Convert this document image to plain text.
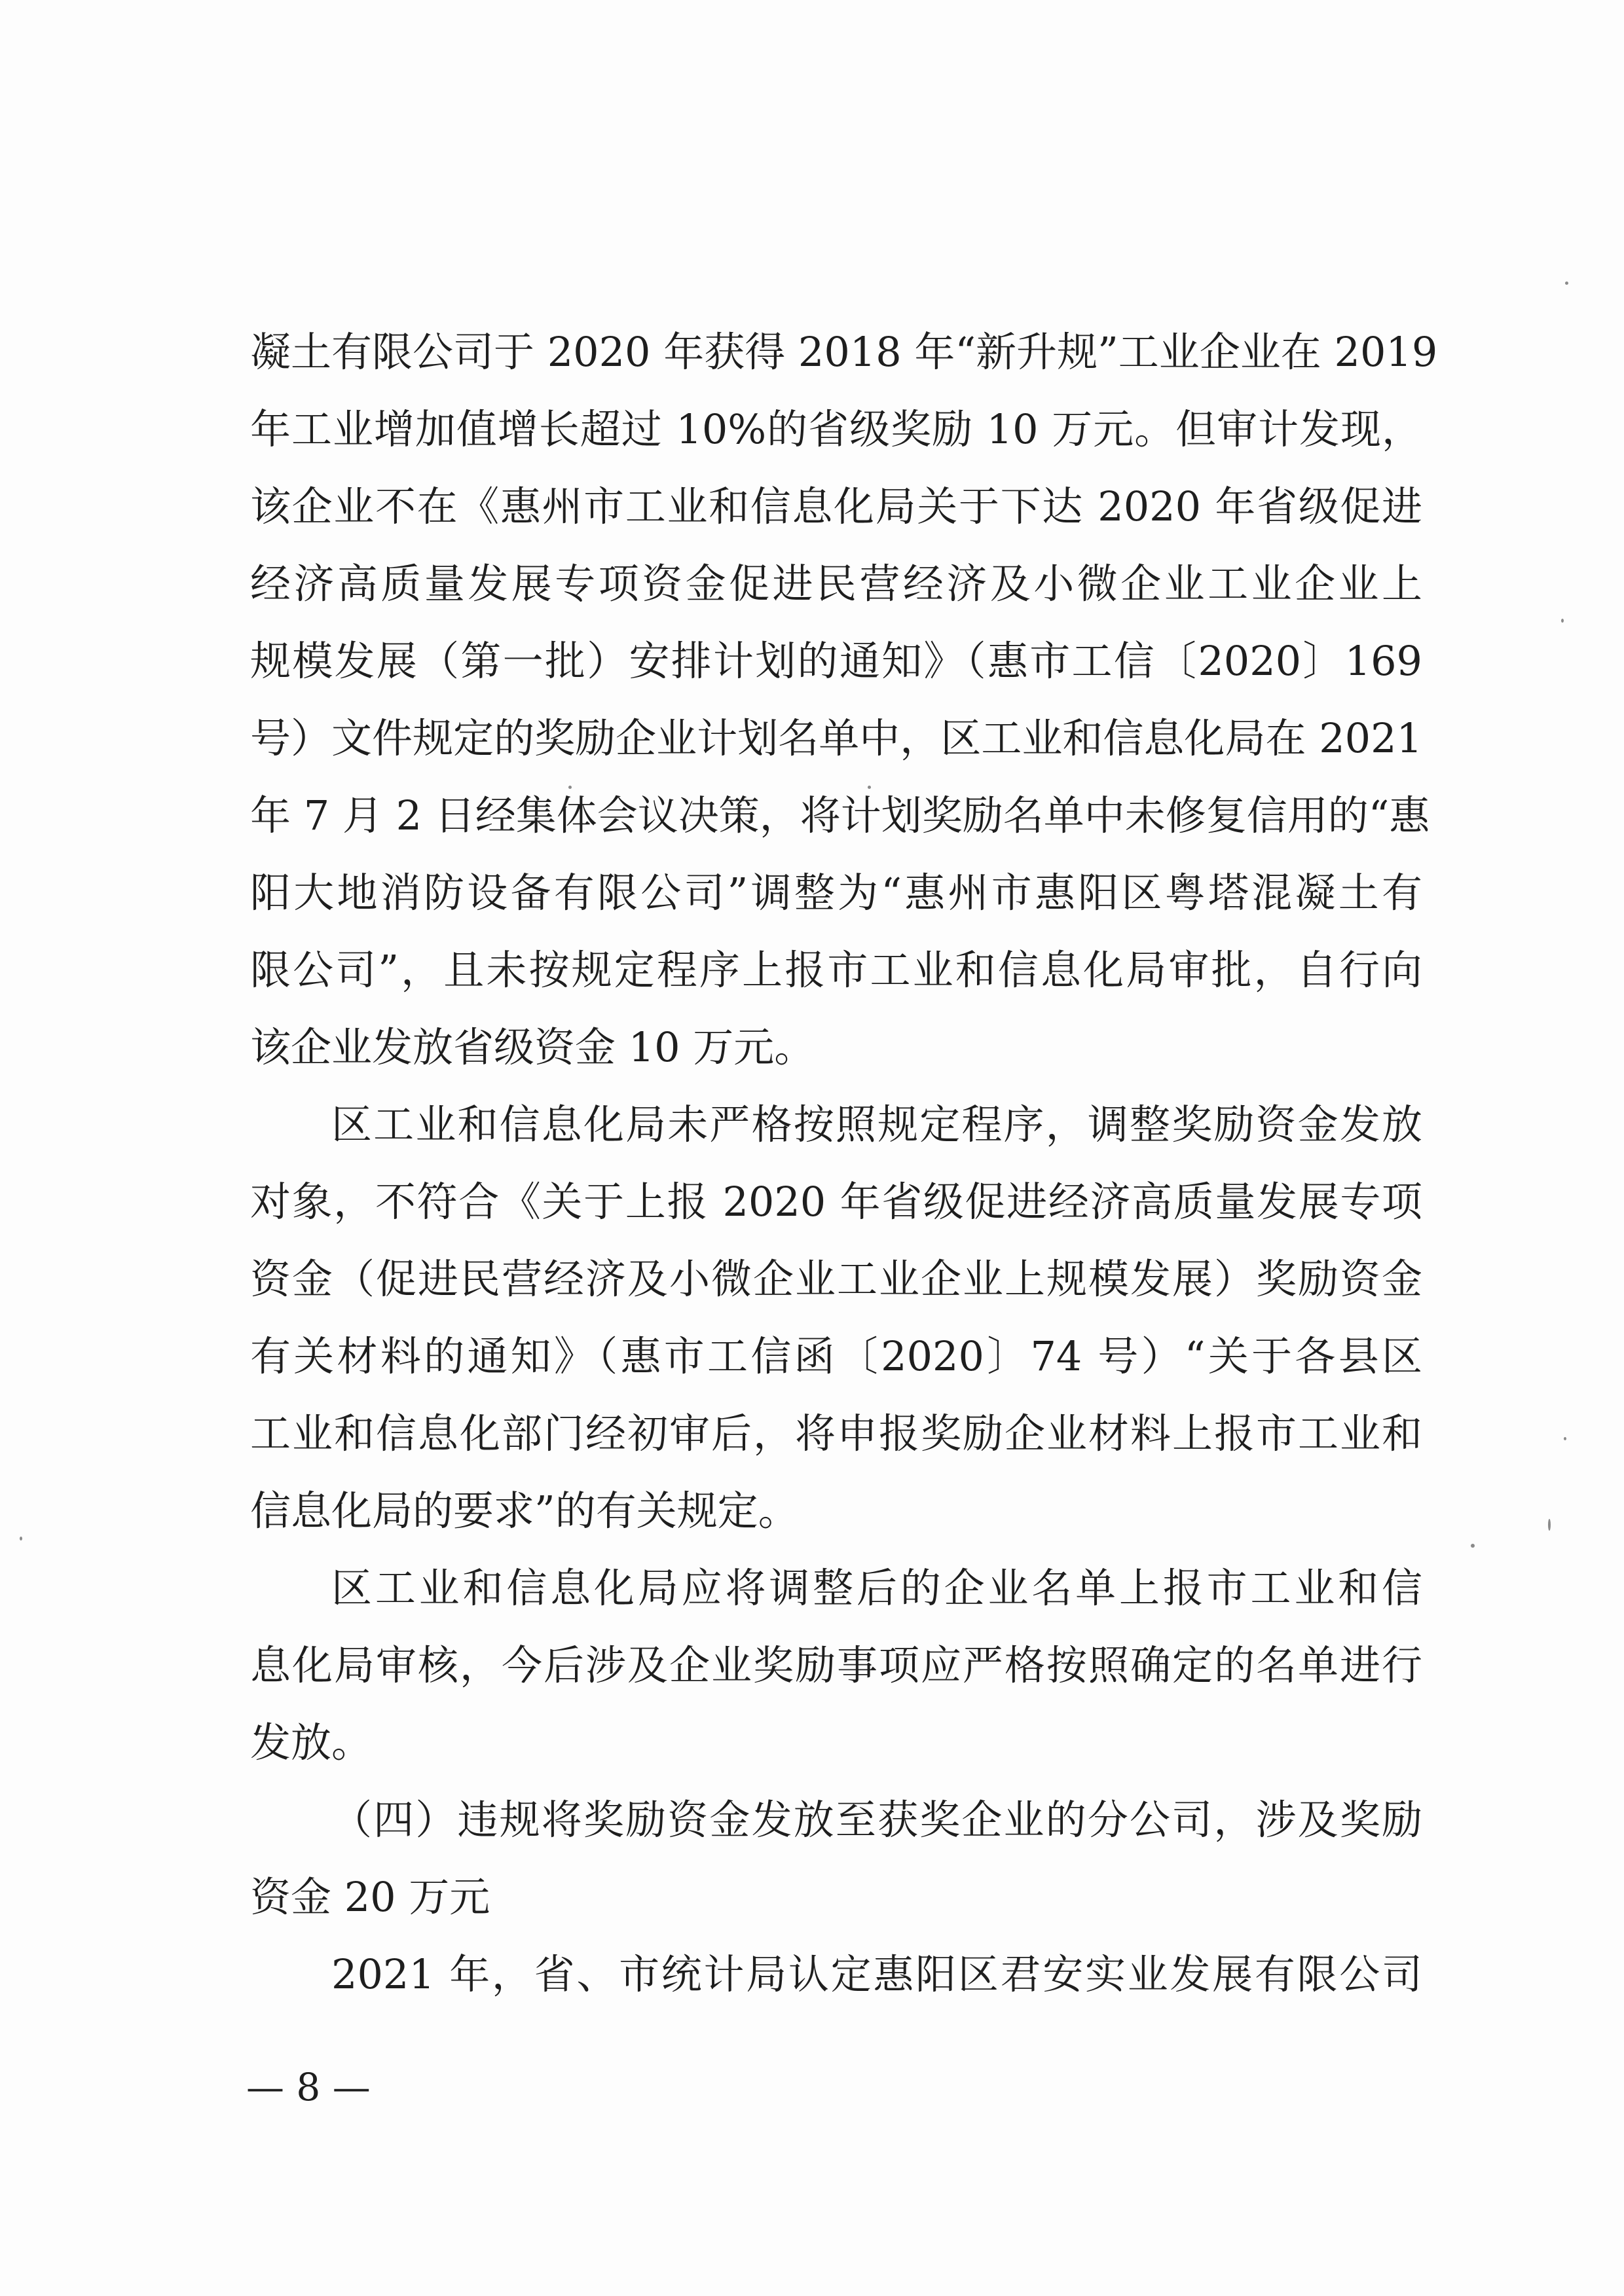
凝土有限公司于 2020 年获得 2018 年“新升规”工业企业在 2019
年工业增加值增长超过 10%的省级奖励 10 万元。但审计发现，
该企业不在《惠州市工业和信息化局关于下达 2020 年省级促进
经济高质量发展专项资金促进民营经济及小微企业工业企业上
规模发展（第一批）安排计划的通知》（惠市工信〔2020〕169
号）文件规定的奖励企业计划名单中，区工业和信息化局在 2021
年 7 月 2 日经集体会议决策，将计划奖励名单中未修复信用的“惠
阳大地消防设备有限公司”调整为“惠州市惠阳区粤塔混凝土有
限公司”，且未按规定程序上报市工业和信息化局审批，自行向
该企业发放省级资金 10 万元。
区工业和信息化局未严格按照规定程序，调整奖励资金发放
对象，不符合《关于上报 2020 年省级促进经济高质量发展专项
资金（促进民营经济及小微企业工业企业上规模发展）奖励资金
有关材料的通知》（惠市工信函〔2020〕74 号）“关于各县区
工业和信息化部门经初审后，将申报奖励企业材料上报市工业和
信息化局的要求”的有关规定。
区工业和信息化局应将调整后的企业名单上报市工业和信
息化局审核，今后涉及企业奖励事项应严格按照确定的名单进行
发放。
（四）违规将奖励资金发放至获奖企业的分公司，涉及奖励
资金 20 万元
2021 年，省、市统计局认定惠阳区君安实业发展有限公司
— 8 —
